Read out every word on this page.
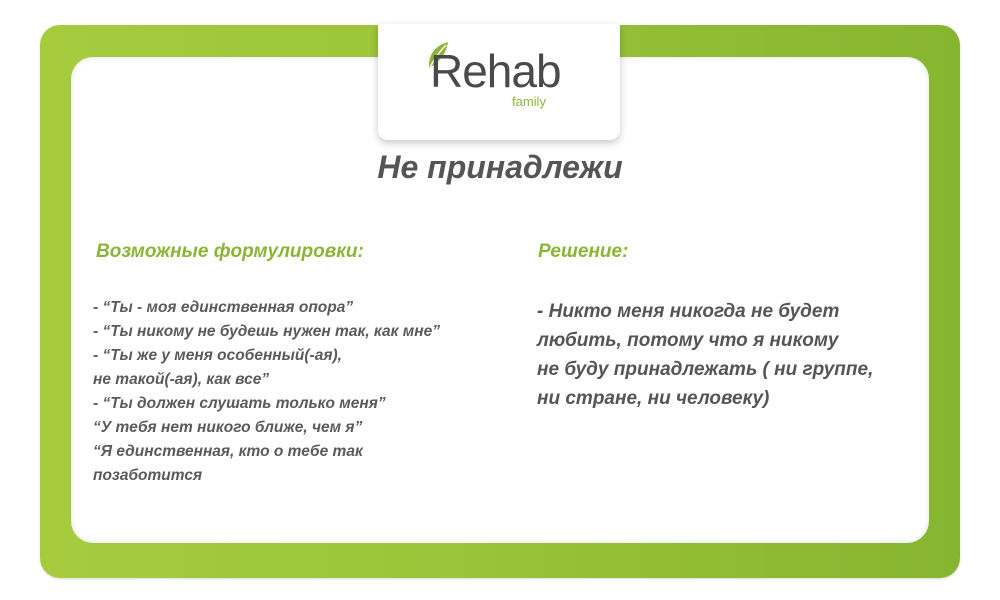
Rehab
family
Не принадлежи
Возможные формулировки:	Решение:
- “Ты - моя единственная опора”
- “Ты никому не будешь нужен так, как мне”
- “Ты же у меня особенный(-ая),
не такой(-ая), как все”
- “Ты должен слушать только меня”
“У тебя нет никого ближе, чем я”
“Я единственная, кто о тебе так
позаботится

- Никто меня никогда не будет
любить, потому что я никому
не буду принадлежать ( ни группе,
ни стране, ни человеку)
